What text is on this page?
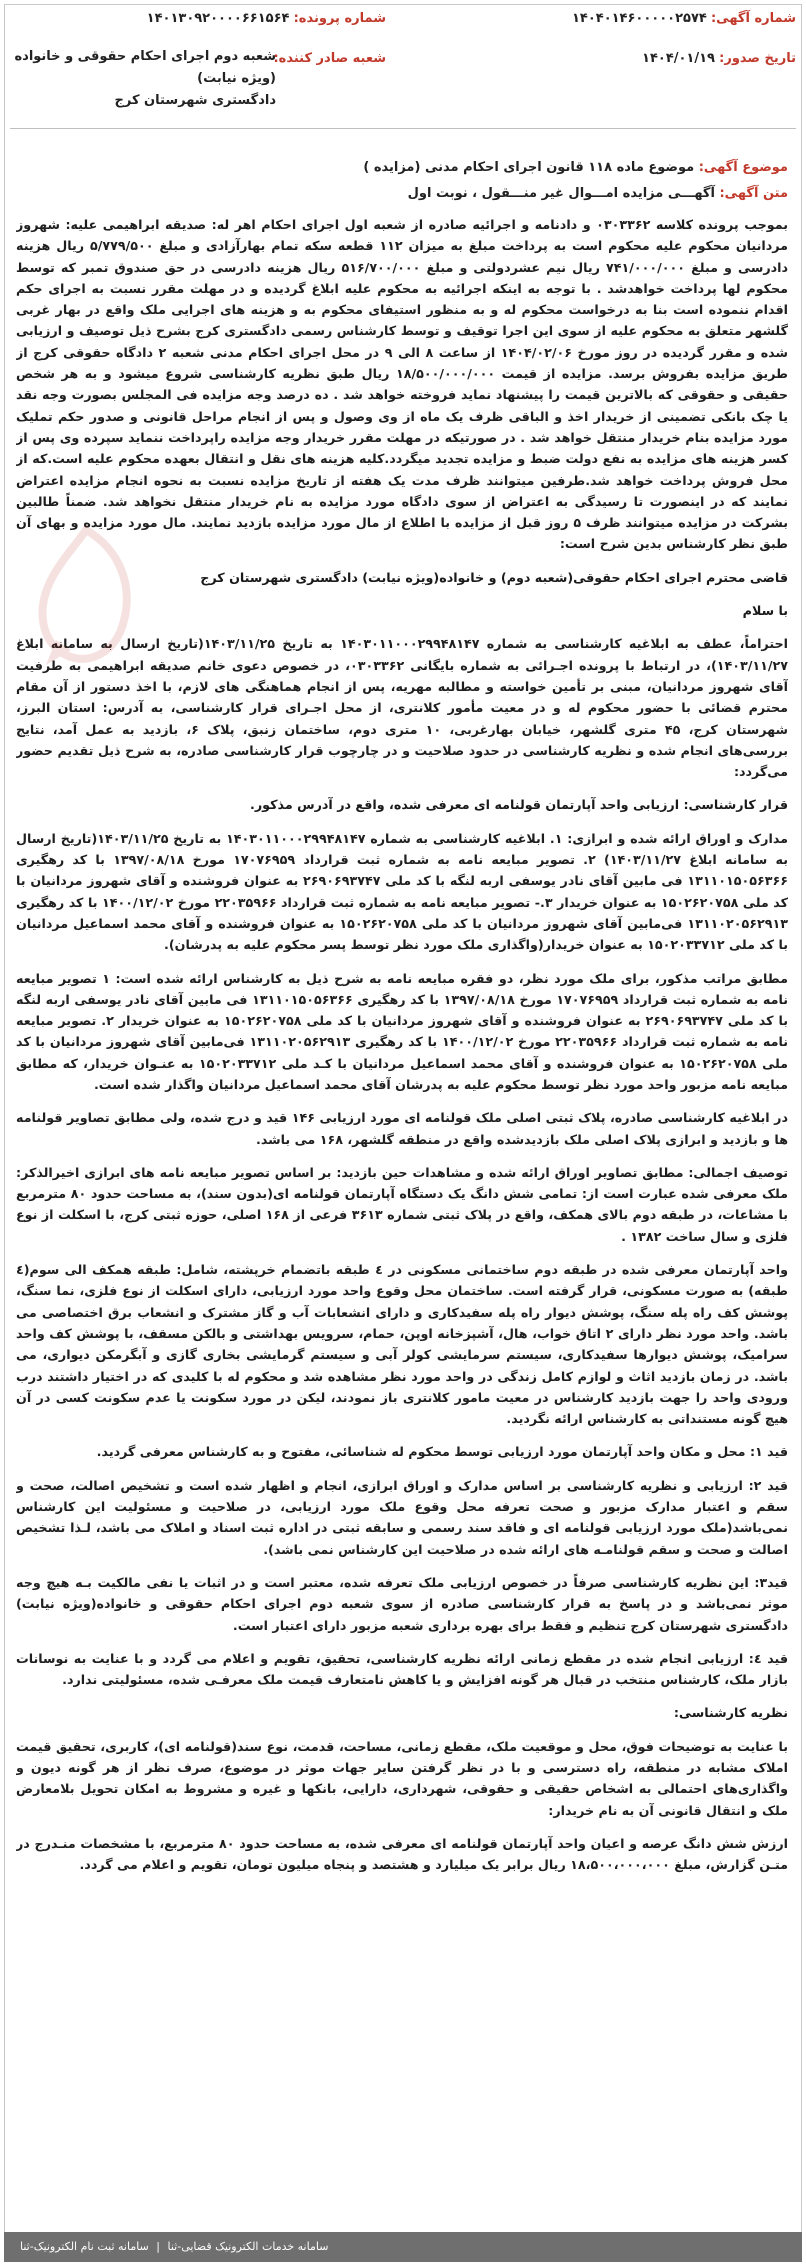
شماره آگهی: ۱۴۰۴۰۱۴۶۰۰۰۰۰۲۵۷۴
شماره پرونده: ۱۴۰۱۳۰۹۲۰۰۰۰۶۶۱۵۶۴
تاریخ صدور: ۱۴۰۴/۰۱/۱۹
شعبه صادر کننده:
شعبه دوم اجرای احکام حقوقی و خانواده (ویژه نیابت)
دادگستری شهرستان کرج
موضوع آگهی: موضوع ماده ۱۱۸ قانون اجرای احکام مدنی (مزایده )
متن آگهی: آگهـــی مزایده امـــوال غیر منـــقول ، نوبت اول

بموجب پرونده کلاسه ۰۳۰۳۳۶۲ و دادنامه و اجرائیه صادره از شعبه اول اجرای احکام اهر له: صدیقه ابراهیمی علیه: شهروز مردانیان محکوم علیه محکوم است به پرداخت مبلغ به میزان ۱۱۲ قطعه سکه تمام بهارآزادی و مبلغ ۵/۷۷۹/۵۰۰ ریال هزینه دادرسی و مبلغ ۷۴۱/۰۰۰/۰۰۰ ریال نیم عشردولتی و مبلغ ۵۱۶/۷۰۰/۰۰۰ ریال هزینه دادرسی در حق صندوق تمبر که توسط محکوم لها پرداخت خواهدشد . با توجه به اینکه اجرائیه به محکوم علیه ابلاغ گردیده و در مهلت مقرر نسبت به اجرای حکم اقدام ننموده است بنا به درخواست محکوم له و به منظور استیفای محکوم به و هزینه های اجرایی ملک واقع در بهار غربی گلشهر متعلق به محکوم علیه از سوی این اجرا توقیف و توسط کارشناس رسمی دادگستری کرج بشرح ذیل توصیف و ارزیابی شده و مقرر گردیده در روز مورخ ۱۴۰۴/۰۲/۰۶ از ساعت ۸ الی ۹ در محل اجرای احکام مدنی شعبه ۲ دادگاه حقوقی کرج از طریق مزایده بفروش برسد. مزایده از قیمت ۱۸/۵۰۰/۰۰۰/۰۰۰ ریال طبق نظریه کارشناسی شروع میشود و به هر شخص حقیقی و حقوقی که بالاترین قیمت را پیشنهاد نماید فروخته خواهد شد . ده درصد وجه مزایده فی المجلس بصورت وجه نقد یا چک بانکی تضمینی از خریدار اخذ و الباقی ظرف یک ماه از وی وصول و پس از انجام مراحل قانونی و صدور حکم تملیک مورد مزایده بنام خریدار منتقل خواهد شد . در صورتیکه در مهلت مقرر خریدار وجه مزایده راپرداخت ننماید سپرده وی پس از کسر هزینه های مزایده به نفع دولت ضبط و مزایده تجدید میگردد.کلیه هزینه های نقل و انتقال بعهده محکوم علیه است.که از محل فروش پرداخت خواهد شد.طرفین میتوانند ظرف مدت یک هفته از تاریخ مزایده نسبت به نحوه انجام مزایده اعتراض نمایند که در اینصورت تا رسیدگی به اعتراض از سوی دادگاه مورد مزایده به نام خریدار منتقل نخواهد شد. ضمناً طالبین بشرکت در مزایده میتوانند ظرف ۵ روز قبل از مزایده با اطلاع از مال مورد مزایده بازدید نمایند. مال مورد مزایده و بهای آن طبق نظر کارشناس بدین شرح است:

قاضی محترم اجرای احکام حقوقی(شعبه دوم) و خانواده(ویژه نیابت) دادگستری شهرستان کرج

با سلام

احتراماً، عطف به ابلاغیه کارشناسی به شماره ۱۴۰۳۰۱۱۰۰۰۲۹۹۴۸۱۴۷ به تاریخ ۱۴۰۳/۱۱/۲۵(تاریخ ارسال به سامانه ابلاغ ۱۴۰۳/۱۱/۲۷)، در ارتباط با پرونده اجـرائی به شماره بایگانی ۰۳۰۳۳۶۲، در خصوص دعوی خانم صدیقه ابراهیمی به طرفیت آقای شهروز مردانیان، مبنی بر تأمین خواسته و مطالبه مهریه، پس از انجام هماهنگی های لازم، با اخذ دستور از آن مقام محترم قضائی با حضور محکوم له و در معیت مأمور کلانتری، از محل اجـرای قرار کارشناسی، به آدرس: استان البرز، شهرستان کرج، ۴۵ متری گلشهر، خیابان بهارغربی، ۱۰ متری دوم، ساختمان زنبق، پلاک ۶، بازدید به عمل آمد، نتایج بررسی‌های انجام شده و نظریه کارشناسی در حدود صلاحیت و در چارچوب قرار کارشناسی صادره، به شرح ذیل تقدیم حضور می‌گردد:

قرار کارشناسی: ارزیابی واحد آپارتمان قولنامه ای معرفی شده، واقع در آدرس مذکور.

مدارک و اوراق ارائه شده و ابرازی: ۱. ابلاغیه کارشناسی به شماره ۱۴۰۳۰۱۱۰۰۰۲۹۹۴۸۱۴۷ به تاریخ ۱۴۰۳/۱۱/۲۵(تاریخ ارسال به سامانه ابلاغ ۱۴۰۳/۱۱/۲۷) ۲. تصویر مبایعه نامه به شماره ثبت قرارداد ۱۷۰۷۶۹۵۹ مورخ ۱۳۹۷/۰۸/۱۸ با کد رهگیری ۱۳۱۱۰۱۵۰۵۶۳۶۶ فی مابین آقای نادر یوسفی اربه لنگه با کد ملی ۲۶۹۰۶۹۳۷۴۷ به عنوان فروشنده و آقای شهروز مردانیان با کد ملی ۱۵۰۲۶۲۰۷۵۸ به عنوان خریدار ۳.- تصویر مبایعه نامه به شماره ثبت قرارداد ۲۲۰۳۵۹۶۶ مورخ ۱۴۰۰/۱۲/۰۲ با کد رهگیری ۱۳۱۱۰۲۰۵۶۲۹۱۳ فی‌مابین آقای شهروز مردانیان با کد ملی ۱۵۰۲۶۲۰۷۵۸ به عنوان فروشنده و آقای محمد اسماعیل مردانیان با کد ملی ۱۵۰۲۰۳۳۷۱۲ به عنوان خریدار(واگذاری ملک مورد نظر توسط پسر محکوم علیه به پدرشان).

مطابق مراتب مذکور، برای ملک مورد نظر، دو فقره مبایعه نامه به شرح ذیل به کارشناس ارائه شده است: ۱ تصویر مبایعه نامه به شماره ثبت قرارداد ۱۷۰۷۶۹۵۹ مورخ ۱۳۹۷/۰۸/۱۸ با کد رهگیری ۱۳۱۱۰۱۵۰۵۶۳۶۶ فی مابین آقای نادر یوسفی اربه لنگه با کد ملی ۲۶۹۰۶۹۳۷۴۷ به عنوان فروشنده و آقای شهروز مردانیان با کد ملی ۱۵۰۲۶۲۰۷۵۸ به عنوان خریدار ۲. تصویر مبایعه نامه به شماره ثبت قرارداد ۲۲۰۳۵۹۶۶ مورخ ۱۴۰۰/۱۲/۰۲ با کد رهگیری ۱۳۱۱۰۲۰۵۶۲۹۱۳ فی‌مابین آقای شهروز مردانیان با کد ملی ۱۵۰۲۶۲۰۷۵۸ به عنوان فروشنده و آقای محمد اسماعیل مردانیان با کـد ملی ۱۵۰۲۰۳۳۷۱۲ به عنـوان خریدار، که مطابق مبایعه نامه مزبور واحد مورد نظر توسط محکوم علیه به پدرشان آقای محمد اسماعیل مردانیان واگذار شده است.

در ابلاغیه کارشناسی صادره، پلاک ثبتی اصلی ملک قولنامه ای مورد ارزیابی ۱۴۶ قید و درج شده، ولی مطابق تصاویر قولنامه ها و بازدید و ابرازی پلاک اصلی ملک بازدیدشده واقع در منطقه گلشهر، ۱۶۸ می باشد.

توصیف اجمالی: مطابق تصاویر اوراق ارائه شده و مشاهدات حین بازدید: بر اساس تصویر مبایعه نامه های ابرازی اخیرالذکر: ملک معرفی شده عبارت است از: تمامی شش دانگ یک دستگاه آپارتمان قولنامه ای(بدون سند)، به مساحت حدود ۸۰ مترمربع با مشاعات، در طبقه دوم بالای همکف، واقع در پلاک ثبتی شماره ۳۶۱۳ فرعی از ۱۶۸ اصلی، حوزه ثبتی کرج، با اسکلت از نوع فلزی و سال ساخت ۱۳۸۲ .

واحد آپارتمان معرفی شده در طبقه دوم ساختمانی مسکونی در ٤ طبقه باتضمام خرپشته، شامل: طبقه همکف الی سوم(٤ طبقه) به صورت مسکونی، قرار گرفته است. ساختمان محل وقوع واحد مورد ارزیابی، دارای اسکلت از نوع فلزی، نما سنگ، پوشش کف راه پله سنگ، پوشش دیوار راه پله سفیدکاری و دارای انشعابات آب و گاز مشترک و انشعاب برق اختصاصی می باشد. واحد مورد نظر دارای ۲ اتاق خواب، هال، آشپزخانه اوپن، حمام، سرویس بهداشتی و بالکن مسقف، با پوشش کف واحد سرامیک، پوشش دیوارها سفیدکاری، سیستم سرمایشی کولر آبی و سیستم گرمایشی بخاری گازی و آبگرمکن دیواری، می باشد. در زمان بازدید اثاث و لوازم کامل زندگی در واحد مورد نظر مشاهده شد و محکوم له با کلیدی که در اختیار داشتند درب ورودی واحد را جهت بازدید کارشناس در معیت مامور کلانتری باز نمودند، لیکن در مورد سکونت یا عدم سکونت کسی در آن هیچ گونه مستنداتی به کارشناس ارائه نگردید.

قید ۱: محل و مکان واحد آپارتمان مورد ارزیابی توسط محکوم له شناسائی، مفتوح و به کارشناس معرفی گردید.

قید ۲: ارزیابی و نظریه کارشناسی بر اساس مدارک و اوراق ابرازی، انجام و اظهار شده است و تشخیص اصالت، صحت و سقم و اعتبار مدارک مزبور و صحت تعرفه محل وقوع ملک مورد ارزیابی، در صلاحیت و مسئولیت این کارشناس نمی‌باشد(ملک مورد ارزیابی قولنامه ای و فاقد سند رسمی و سابقه ثبتی در اداره ثبت اسناد و املاک می باشد، لـذا تشخیص اصالت و صحت و سقم قولنامـه های ارائه شده در صلاحیت این کارشناس نمی باشد).

قید۳: این نظریه کارشناسی صرفاً در خصوص ارزیابی ملک تعرفه شده، معتبر است و در اثبات یا نفی مالکیت بـه هیچ وجه موثر نمی‌باشد و در پاسخ به قرار کارشناسی صادره از سوی شعبه دوم اجرای احکام حقوقی و خانواده(ویژه نیابت) دادگستری شهرستان کرج تنظیم و فقط برای بهره برداری شعبه مزبور دارای اعتبار است.

قید ٤: ارزیابی انجام شده در مقطع زمانی ارائه نظریه کارشناسی، تحقیق، تقویم و اعلام می گردد و با عنایت به نوسانات بازار ملک، کارشناس منتخب در قبال هر گونه افزایش و یا کاهش نامتعارف قیمت ملک معرفـی شده، مسئولیتی ندارد.

نظریه کارشناسی:

با عنایت به توضیحات فوق، محل و موقعیت ملک، مقطع زمانی، مساحت، قدمت، نوع سند(قولنامه ای)، کاربری، تحقیق قیمت املاک مشابه در منطقه، راه دسترسی و با در نظر گرفتن سایر جهات موثر در موضوع، صرف نظر از هر گونه دیون و واگذاری‌های احتمالی به اشخاص حقیقی و حقوقی، شهرداری، دارایی، بانکها و غیره و مشروط به امکان تحویل بلامعارض ملک و انتقال قانونی آن به نام خریدار:

ارزش شش دانگ عرصه و اعیان واحد آپارتمان قولنامه ای معرفی شده، به مساحت حدود ۸۰ مترمربع، با مشخصات منـدرج در متـن گزارش، مبلغ ۱۸،۵۰۰،۰۰۰،۰۰۰ ریال برابر یک میلیارد و هشتصد و پنجاه میلیون تومان، تقویم و اعلام می گردد.

سامانه خدمات الکترونیک قضایی-ثنا | سامانه ثبت نام الکترونیک-ثنا
